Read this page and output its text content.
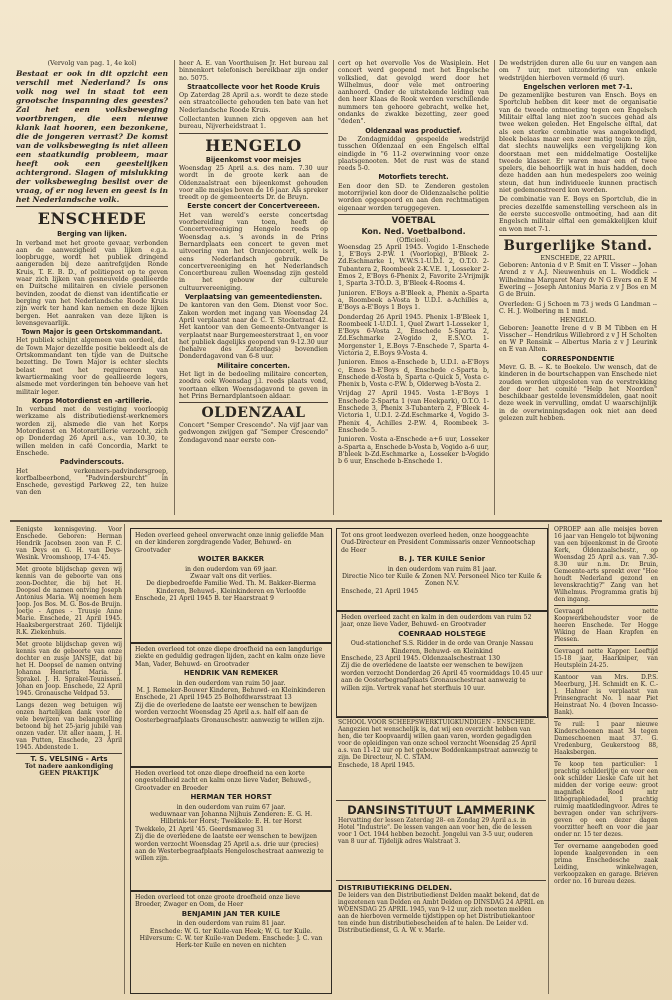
(Vervolg van pag. 1, 4e kol)

Bestaat er ook in dit opzicht een verschil met Nederland? Is ons volk nog wel in staat tot een grootsche inspanning des geestes? Zal het een volksbeweging voortbrengen, die een nieuwe klank laat hooren, een bezonkene, die de jongeren verrast? De komst van de volksbeweging is niet alleen een staatkundig probleem, maar heeft ook een geestelijken achtergrond. Slagen of mislukking der volksbeweging beslist over de vraag, of er nog leven en geest is in het Nederlandsche volk.

ENSCHEDE
Berging van lijken.

In verband met het groote gevaar, verbonden aan de aanwezigheid van lijken e.g.a. loopbrugge, wordt het publiek dringend aangeraden bij deze aantrefgijden Ronde Kruis, T. E. B. D., of politiepost op te geven waar zich lijken van gesneuvelde geallieerde en Duitsche militairen en civiele personen bevinden, zoodat de dienst van identificatie er berging van het Nederlandsche Roode Kruis zijn werk ter hand kan nemen en deze lijken bergen. Het aanraken van deze lijken is levensgevaarlijk.

Town Major is geen Ortskommandant.

Het publiek schijnt algemeen van oordeel, dat de Town Major dezelfde positie bekleedt als de Ortskommandant ten tijde van de Duitsche bezetting. De Town Major is echter slechts belast met het requireeren van kwartiermaking voor de geallieerde legers, alsmede met vorderingen ten behoeve van het militair leger.

Korps Motordienst en -artillerie.

In verband met de vestiging voorloopig werkzame als distributiedienst-werknemers worden zij, alsmede die van het Korps Motordienst en Motorartillerie verzocht, zich op Donderdag 26 April a.s., van 10.30, te willen melden in café Concordia, Markt te Enschede.

Padvinderscouts.

Het verkenners-padvindersgroep, korfbalbeerbond, "Padvindersburcht" in Enschede, gevestigd Parkweg 22, ten huize van den

heer A. E. van Voorthuisen Jr. Het bureau zal binnenkort telefonisch bereikbaar zijn onder no. 5075.

Straatcollecte voor het Roode Kruis

Op Zaterdag 28 April a.s. wordt te deze stede een straatcollecte gehouden ten bate van het Nederlandsche Roode Kruis.

Collectanten kunnen zich opgeven aan het bureau, Nijverheidstraat 1.

HENGELO
Bijeenkomst voor meisjes

Woensdag 25 April a.s. des nam. 7.30 uur wordt in de groote kerk aan de Oldenzaalstraat een bijeenkomst gehouden voor alle meisjes boven de 16 jaar. Als spreker treedt op de gemeenteerts Dr. de Bruyn.

Eerste concert der Concertvereeen.

Het van wereld's eerste concertsdag voorbereiding van toen, heeft de Concertvereeniging Hengelo reeds op Woensdag a.s. 's avonds in de Prins Bernardplaats een concert te geven met uitvoering van het Oranjeconcert, welk is eens Nederlandsch gebruik. De concertvereeniging en het Nederlandsch Concertbureau zullen Woensdag zijn gesteld in het gebouw der culturele cultuurvereeniging.

Verplaatsing van gemeentediensten.

De kantoren van den Gem. Dienst voor Soc. Zaken worden met ingang van Woensdag 24 April verplaatst naar de C. T. Stocketraat 42. Het kantoor van den Gemeente-Ontvanger is verplaatst naar Burgemeesterstraat 1, en voor het publiek dagelijks geopend van 9-12.30 uur (behalve des Zaterdags) bovendien Donderdagavond van 6-8 uur.

Militaire concerten.

Het ligt in de bedoeling militaire concerten, zoodra ook Woensdag j.l. reeds plaats vond, voortaan elken Woensdagavond te geven in het Prins Bernardplantsoen aldaar.

OLDENZAAL

Concert "Semper Crescendo". Na vijf jaar van gedwongen zwijgen gaf "Semper Crescendo" Zondagavond naar eerste con-

cert op het overvolle Vos de Wasiplein. Het concert werd geopend met het Engelsche volkslied, dat gevolgd werd door het Wilhelmus, door vele met ontroering aanhoord. Onder de uitstekende leiding van den heer Klaas de Rook werden verschillende nummers ten gehoore gebracht, welke het, ondanks de zwakke bezetting, zeer goed "deden".

Oldenzaal was productief.

De Zondagmiddag gespeelde wedstrijd tusschen Oldenzaal en een Engelsch elftal eindigde in "6 11-2 overwinning voor onze plaatsgenooten. Met de rust was de stand reeds 5-0.

Motorfiets terecht.

Een door den SD. te Zenderen gestolen motorrijwiel kon door de Oldenzaalsche politie worden opgespoord en aan den rechtmatigen eigenaar worden teruggegeven.

VOETBAL
Kon. Ned. Voetbalbond.
(Officieel).

Woensdag 25 April 1945. Vogido 1-Enschede 1, E'Boys 2-P.W. 1 (Voorlopig), B'Bleek 2-Zd.Eschmarke 1, W.W.S.1-U.D.I. 2, O.T.O. 2-Tubantera 2, Roombeek 2-K.V.E. 1, Losseker 2-Emos 2, E'Boys 6-Phenix 2, Favorite 2-Vrijmijk 1, Sparta 3-TO.D. 3, B'Bleek 4-Rooms 4.

Junioren. E'Boys a-B'Bleek a, Phenix a-Sparta a, Roombeek a-Vosta b U.D.I. a-Achilles a, E'Boys a-E'Boys 1 Boys 1.

Donderdag 26 April 1945. Phenix 1-B'Bleek 1, Roombeek 1-U.D.I. 1, Quel Zwart 1-Losseker 1, E'Boys 6-Vosta 2, Enschede 5-Sparta 2, Zd.Eschmarke 2-Vogido 2, E.S.V.O. 1-Morgenster 1, E.Boys 7-Enschede 7, Sparta 4-Victoria 2, E.Boys 9-Vosta 4.

Junioren. Emos a-Enschede b, U.D.I. a-E'Boys c, Emos b-E'Boys d, Enschede c-Sparta b, Enschede d-Vosta b, Sparta c-Quick 5, Vosta c-Phenix b, Vosta c-P.W. b, Olderweg b-Vosta 2.

Vrijdag 27 April 1945. Vosta 1-E'Boys 1 Enschede 2-Sparta 1 (van Heekpark), O.T.O. 1-Enschede 3, Phenix 3-Tubantera 2, F'Bleek 4-Victoria 1, U.D.I. 2-Zd.Eschmarke 4, Vogido 3-Phenix 4, Achilles 2-P.W. 4, Roombeek 3-Enschede 5.

Junioren. Vosta a-Enschede a+6 uur, Losseker a-Sparta a, Enschede b-Vosta b, Vogido a-6 uur, B'bleek b-Zd.Eschmarke a, Losseker b-Vogido b 6 uur, Enschede b-Enschede 1.

De wedstrijden duren alle 6u uur en vangen aan om 7 uur, met uitzondering van enkele wedstrijden hierboven vermeld (6 uur).

Engelschen verloren met 7-1.

De gezamenlijke besturen van Ensch. Boys en Sportclub hebben dit keer met de organisatie van de tweede ontmoeting tegen een Engelsch Militair elftal lang niet zoo'n succes gehad als twee weken geleden. Het Engelsche elftal, dat als een sterke combinatie was aangekondigd, bleek belaas maar een zeer matig team te zijn, dat slechts nauwelijks een vergelijking kon doorstaan met een middelmatige Oostelijke tweede klasser. Er waren maar een of twee spelers, die behoorlijk wat in huis hadden, doch deze hadden aan hun medespelers zoo weinig steun, dat hun individueele kunnen practisch niet gedemonstreerd kon worden.

De combinatie van E. Boys en Sportclub, die in precies dezelfde samenstelling verscheen als in de eerste succesvolle ontmoeting, had aan dit Engelsch militair elftal een gemakkelijken kluif en won met 7-1.

Burgerlijke Stand.
ENSCHEDE, 22 APRIL.

Geboren: Antonia d v P. Smit en T. Visser -- Johan Arend z v A.J. Nieuwenhuis en L. Woddick -- Wilhelmina Margaret Mary dv N G Evers en E M Ewering -- Joseph Antonius Maria z v J Bos en M G de Bruin.

Overleden: G j Schoen m 73 j weds G Landman -- C. H. J. Wolbering m 1 mnd.

HENGELO.

Geboren: Jeanette Irene d v B M Tibben en H Visscher -- Hendrikus Willebrord z v J H Scholten en W P Rensink -- Albertus Maria z v J Leurink en E van Alten.

CORRESPONDENTIE

Mevr. G. B. -- K. te Boekelo. Uw wensch, dat de kinderen in de bourtschappen van Enschede niet zouden worden uitgesloten van de verstrekking der door het comité "Help het Noorden" beschikbaar gestelde levensmiddelen, gaat nooit deze week in vervulling, omdat U waarschijnlijk in de overwinningsdagen ook niet aan deed gelezen zult hebben.

Eenigste kennisgeving. Voor Enschede. Geboren: Herman Hendrik Jacobsen zoon van F. C. van Deys en G. H. van Deys-Wesink. Vroomshoop, 17-4-'45.

Met groote blijdschap geven wij kennis van de geboorte van ons zoon-Dochter, die bij het H. Doopsel de namen ontving Joseph Antonius Maria. Wij noemen hem Joop. Jos Bos. M. G. Bos-de Bruijn. Joetje - Agnes - Truusje Anne Marie. Enschede, 21 April 1945. Haaksbergerstraat 260. Tijdelijk R.K. Ziekenhuis.

Met groote blijdschap geven wij kennis van de geboorte van onze dochter en zusje JANSJE, dat bij het H. Doopsel de namen ontving Johanna Henrietta Maria. J. Sprakel. J. H. Sprakel-Teunissen. Johan en Joop. Enschede, 22 April 1945. Gronausche Veldpad 53.

Langs dezen weg betuigen wij onzen hartelijken dank voor de vele bewijzen van belangstelling betoond bij het 25-jarig jubilé van onzen vader. Uit aller naam, J. H. van Putten, Enschede, 23 April 1945. Abdenstede 1.

T. S. VELSING - Arts
Tot nadere aankondiging GEEN PRAKTIJK
Heden overleed geheel onverwacht onze innig geliefde Man en der kinderen zorgdragende Vader, Behuwd- en Grootvader
WOLTER BAKKER
in den ouderdom van 69 jaar.
Zwaar valt ons dit verlies.
De diepbedroefde Familie Wed. Th. M. Bakker-Bierma Kinderen, Behuwd-, Kleinkinderen en Verloofde
Enschede, 21 April 1945 B. ter Haarstraat 9
Heden overleed tot onze diepe droefheid na een langdurige ziekte en geduldig gedragen lijden, zacht en kalm onze lieve Man, Vader, Behuwd- en Grootvader
HENDRIK VAN REMEKER
in den ouderdom van ruim 50 jaar.
M. J. Remeker-Bouwer Kinderen, Behuwd- en Kleinkinderen
Enschede, 21 April 1945 25 Bolhofdwarsstraat 13
Zij die de overledene de laatste eer wenschen te bewijzen worden verzocht Woensdag 25 April a.s. half elf aan de Oosterbegraafplaats Gronauschestr. aanwezig te willen zijn.
Heden overleed tot onze diepe droefheid na een korte ongesteldheid zacht en kalm onze lieve Vader, Behuwd-, Grootvader en Broeder
HERMAN TER HORST
in den ouderdom van ruim 67 jaar.
weduwnaar van Johanna Nijhuis Zenderen: E. G. H. Hilbrink-ter Horst; Twekkelo: E. H. ter Horst
Twekkelo, 21 April '45. Geerdsmaweg 31
Zij die de overledene de laatste eer wenschen te bewijzen worden verzocht Woensdag 25 April a.s. drie uur (precies) aan de Westerbegraafplaats Hengeloschestraat aanwezig te willen zijn.
Heden overleed tot onze groote droefheid onze lieve Broeder, Zwager en Oom, de Heer
BENJAMIN JAN TER KUILE
in den ouderdom van ruim 81 jaar.
Enschede: W. G. ter Kuile-van Heek; W. G. ter Kuile. Hilversum: C. W. ter Kuile-van Dedem. Enschede: J. C. van Herk-ter Kuile en neven en nichten
Tot ons groot leedwezen overleed heden, onze hooggeachte Oud-Directeur en President Commissaris onzer Vennootschap de Heer
B. J. TER KUILE Senior
in den ouderdom van ruim 81 jaar.
Directie Nico ter Kuile & Zonen N.V. Personeel Nico ter Kuile & Zonen N.V.
Enschede, 21 April 1945
Heden overleed zacht en kalm in den ouderdom van ruim 52 jaar, onze lieve Vader, Behuwd- en Grootvader
COENRAAD HOLSTEGE
Oud-stationchef S.S. Ridder in de orde van Oranje Nassau
Kinderen, Behuwd- en Kleinkind
Enschede, 23 April 1945. Oldenzaalschestraat 130
Zij die de overledene de laatste eer wenschen te bewijzen worden verzocht Donderdag 26 April 45 voormiddags 10.45 uur aan de Oosterbegraafplaats Gronauschestraat aanwezig te willen zijn. Vertrek vanaf het sterfhuis 10 uur.
SCHOOL VOOR SCHEEPSWERKTUIGKUNDIGEN - ENSCHEDE. Aangezien het wenschelijk is, dat wij een overzicht hebben van hen, die ter Koopvaardij willen gaan varen, worden gegadigden voor de opleidingen van onze school verzocht Woensdag 25 April a.s. van 11-12 uur op het gebouw Boddenkampstraat aanwezig te zijn. De Directeur, N. C. STAM.
Enschede, 18 April 1945.
DANSINSTITUUT LAMMERINK
Hervatting der lessen Zaterdag 28- en Zondag 29 April a.s. in Hotel "Industrie". De lessen vangen aan voor hen, die de lessen voor 1 Oct. 1944 hebben bezocht. Jongelui van 3-5 uur, ouderen van 8 uur af. Tijdelijk adres Walstraat 3.
DISTRIBUTIEKRING DELDEN.
De leiders van den Distributiedienst Delden maakt bekend, dat de ingezetenen van Delden en Ambt Delden op DINSDAG 24 APRIL en WOENSDAG 25 APRIL 1945, van 9-12 uur, zich moeten melden aan de hierboven vermelde tijdstippen op het Distributiekantoor ten einde hun distributiebescheiden af te halen. De Leider v.d. Distributiedienst, G. A. W. v. Marle.

OPROEP aan alle meisjes boven 16 jaar van Hengelo tot bijwoning van een bijeenkomst in de Groote Kerk, Oldenzaalschestr., op Woensdag 25 April a.s. van 7.30-8.30 uur n.m. Dr. Bruin, Gemeente-arts spreekt over "Hoe houdt Nederland gezond en levenskrachtig?" Zang van het Wilhelmus. Programma gratis bij den ingang.

Gevraagd nette Koopwerkbehoudster voor de heeren Enschede. Ter Hogge Wiking de Haan Krapfen en Plessen.

Gevraagd nette Kapper. Leeftijd 15-18 jaar, Haarkniper, van Heutsplein 24-25.

Kantoor van Mrs. D.P.S. Meerburg, J.H. Schmidt en K. C.-J. Hahner is verplaatst van Prinsengracht No. 1 naar Piet Heinstraat No. 4 (boven Incasso-Bank).

Te ruil: 1 paar nieuwe Kinderschoenen maat 34 tegen Dameschoenen maat 37. G. Vredenburg, Geukerstoog 88, Haaksbergen.

Te koop ten particulier: 1 prachtig schilderijtje en voor een ook schilder Lieske Cafe uit het midden der vorige eeuw: groot magnifiek Rood mtr lithographiedadel, 1 prachtig ruimig maatkledingvoor. Adres te bevragen onder van schrijvers-geven op een dezer dagen voorzitter heeft en voor die jaar onder nr. 15 ter dezes.

Ter overname aangeboden goed lopende kaalgevonden in een prima Enschedesche zaak Leiding, winkelwagen, verkoopzaken en garage. Brieven order no. 16 bureau dezes.
